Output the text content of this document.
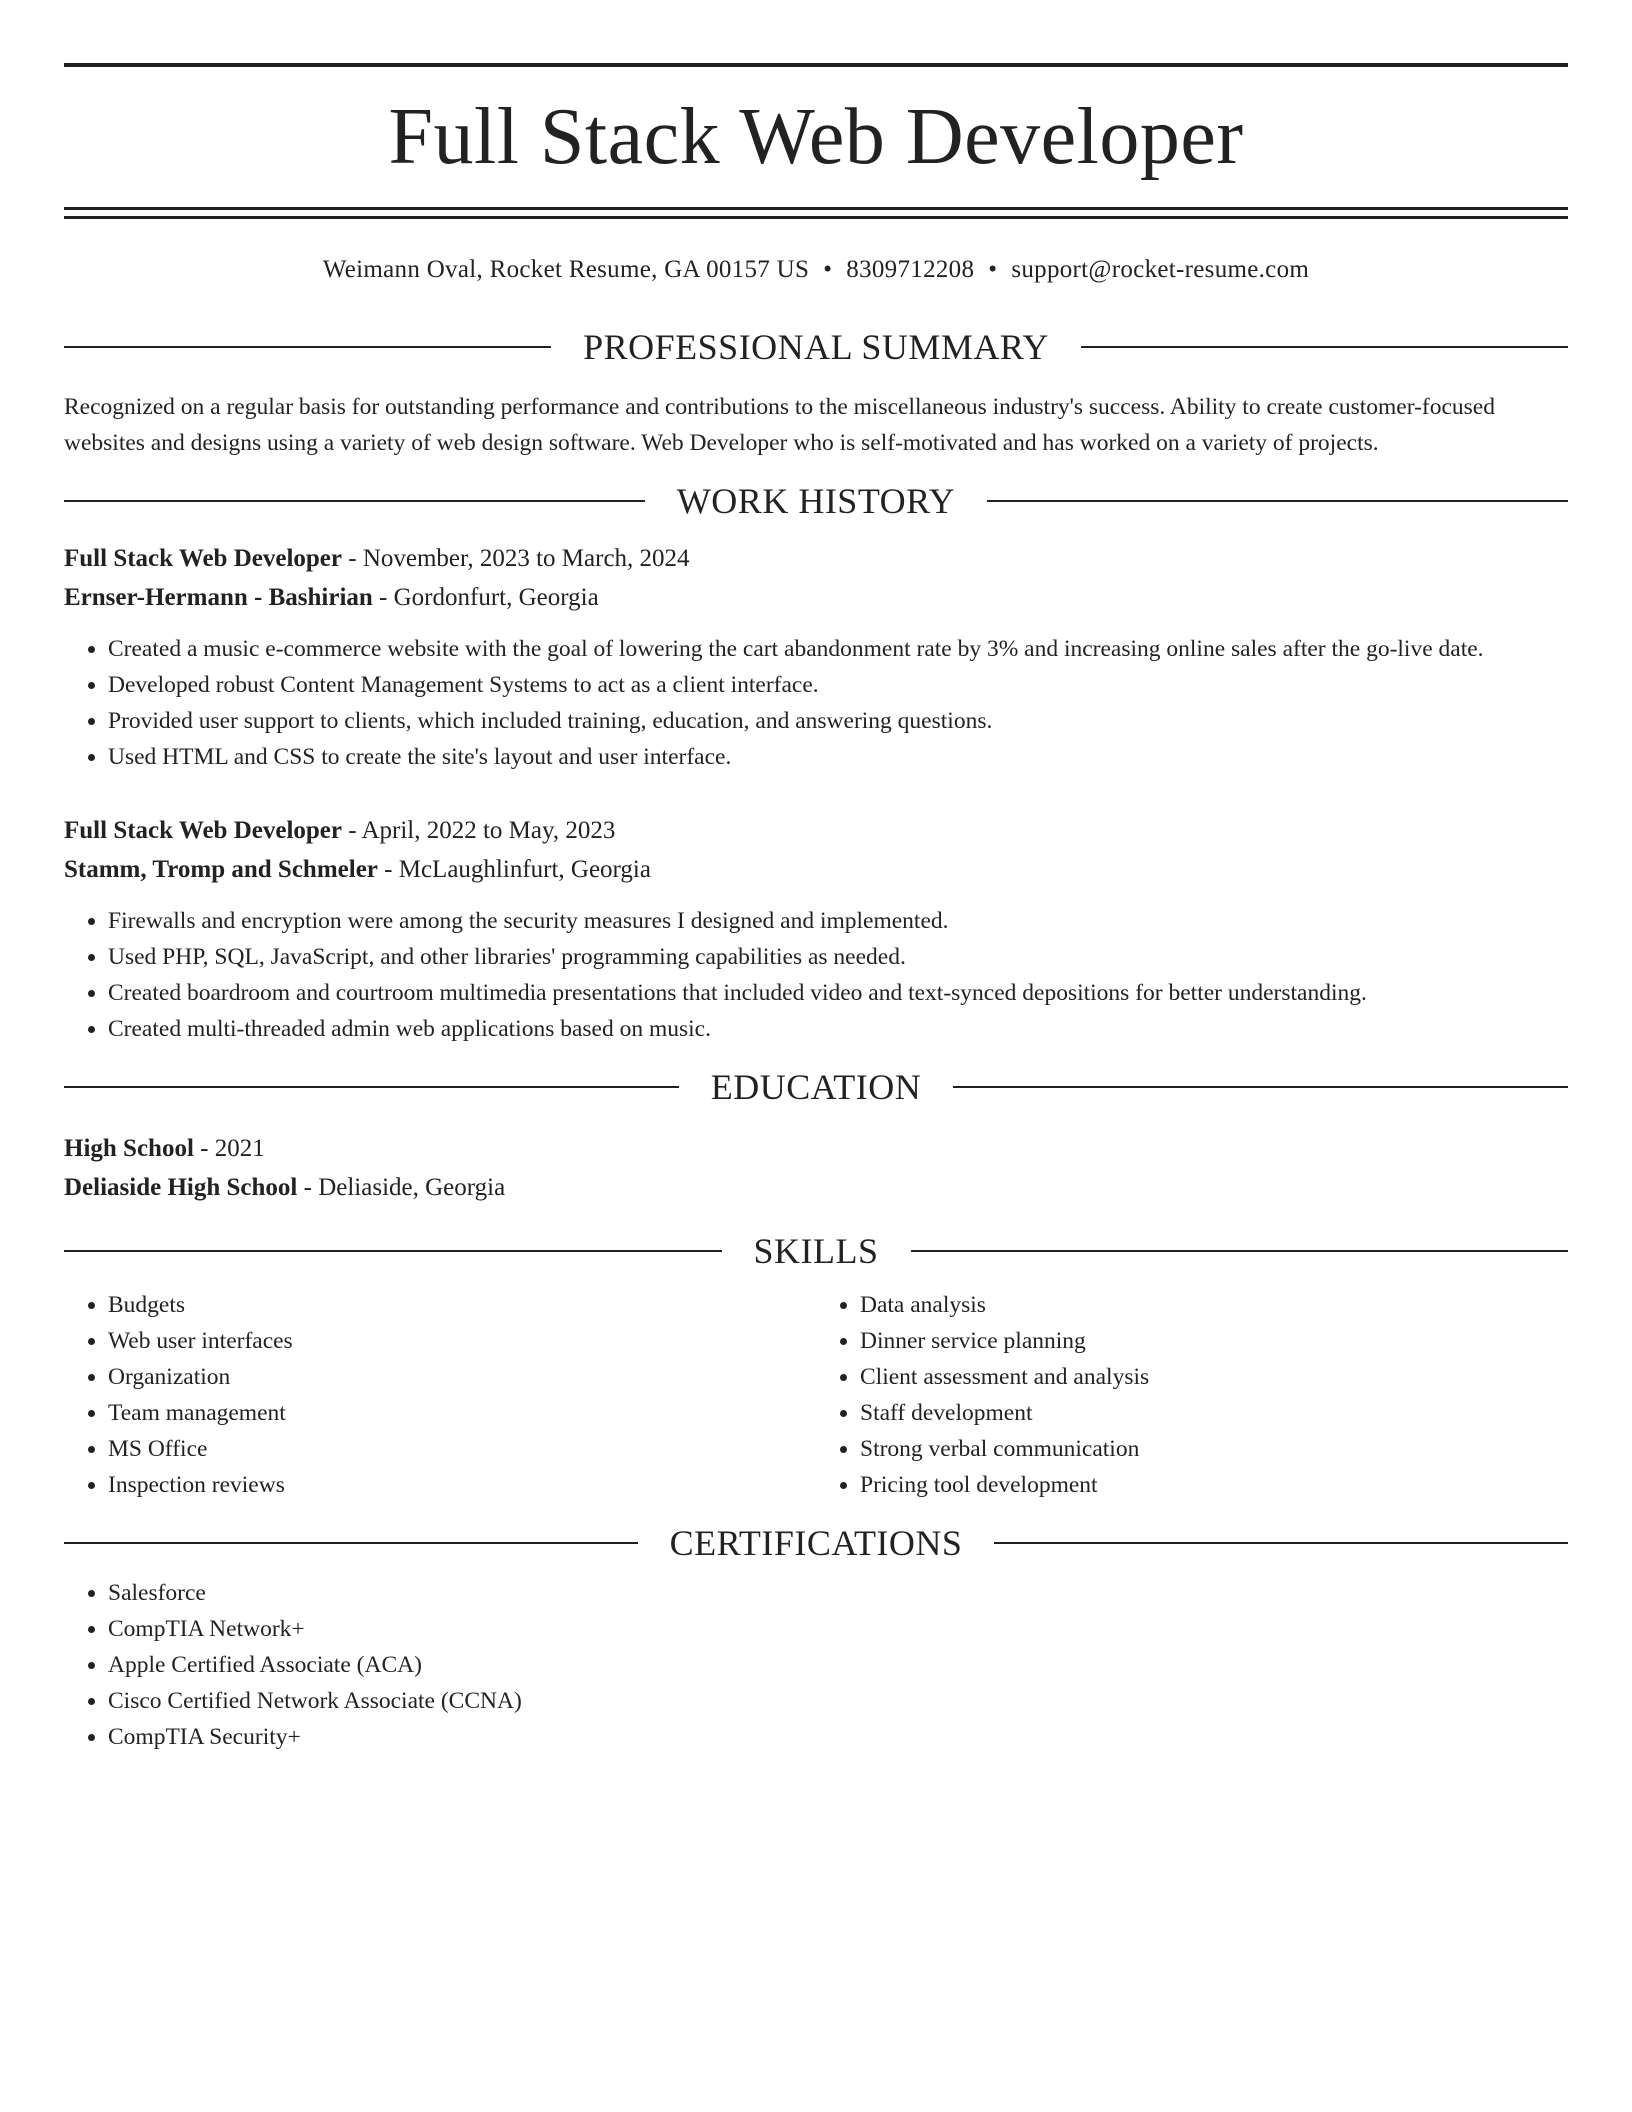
Full Stack Web Developer
Weimann Oval, Rocket Resume, GA 00157 US • 8309712208 • support@rocket-resume.com
PROFESSIONAL SUMMARY

Recognized on a regular basis for outstanding performance and contributions to the miscellaneous industry's success. Ability to create customer-focused websites and designs using a variety of web design software. Web Developer who is self-motivated and has worked on a variety of projects.

WORK HISTORY
Full Stack Web Developer - November, 2023 to March, 2024
Ernser-Hermann - Bashirian - Gordonfurt, Georgia
• Created a music e-commerce website with the goal of lowering the cart abandonment rate by 3% and increasing online sales after the go-live date.
• Developed robust Content Management Systems to act as a client interface.
• Provided user support to clients, which included training, education, and answering questions.
• Used HTML and CSS to create the site's layout and user interface.
Full Stack Web Developer - April, 2022 to May, 2023
Stamm, Tromp and Schmeler - McLaughlinfurt, Georgia
• Firewalls and encryption were among the security measures I designed and implemented.
• Used PHP, SQL, JavaScript, and other libraries' programming capabilities as needed.
• Created boardroom and courtroom multimedia presentations that included video and text-synced depositions for better understanding.
• Created multi-threaded admin web applications based on music.
EDUCATION
High School - 2021
Deliaside High School - Deliaside, Georgia
SKILLS
• Budgets
• Web user interfaces
• Organization
• Team management
• MS Office
• Inspection reviews
• Data analysis
• Dinner service planning
• Client assessment and analysis
• Staff development
• Strong verbal communication
• Pricing tool development
CERTIFICATIONS
• Salesforce
• CompTIA Network+
• Apple Certified Associate (ACA)
• Cisco Certified Network Associate (CCNA)
• CompTIA Security+
